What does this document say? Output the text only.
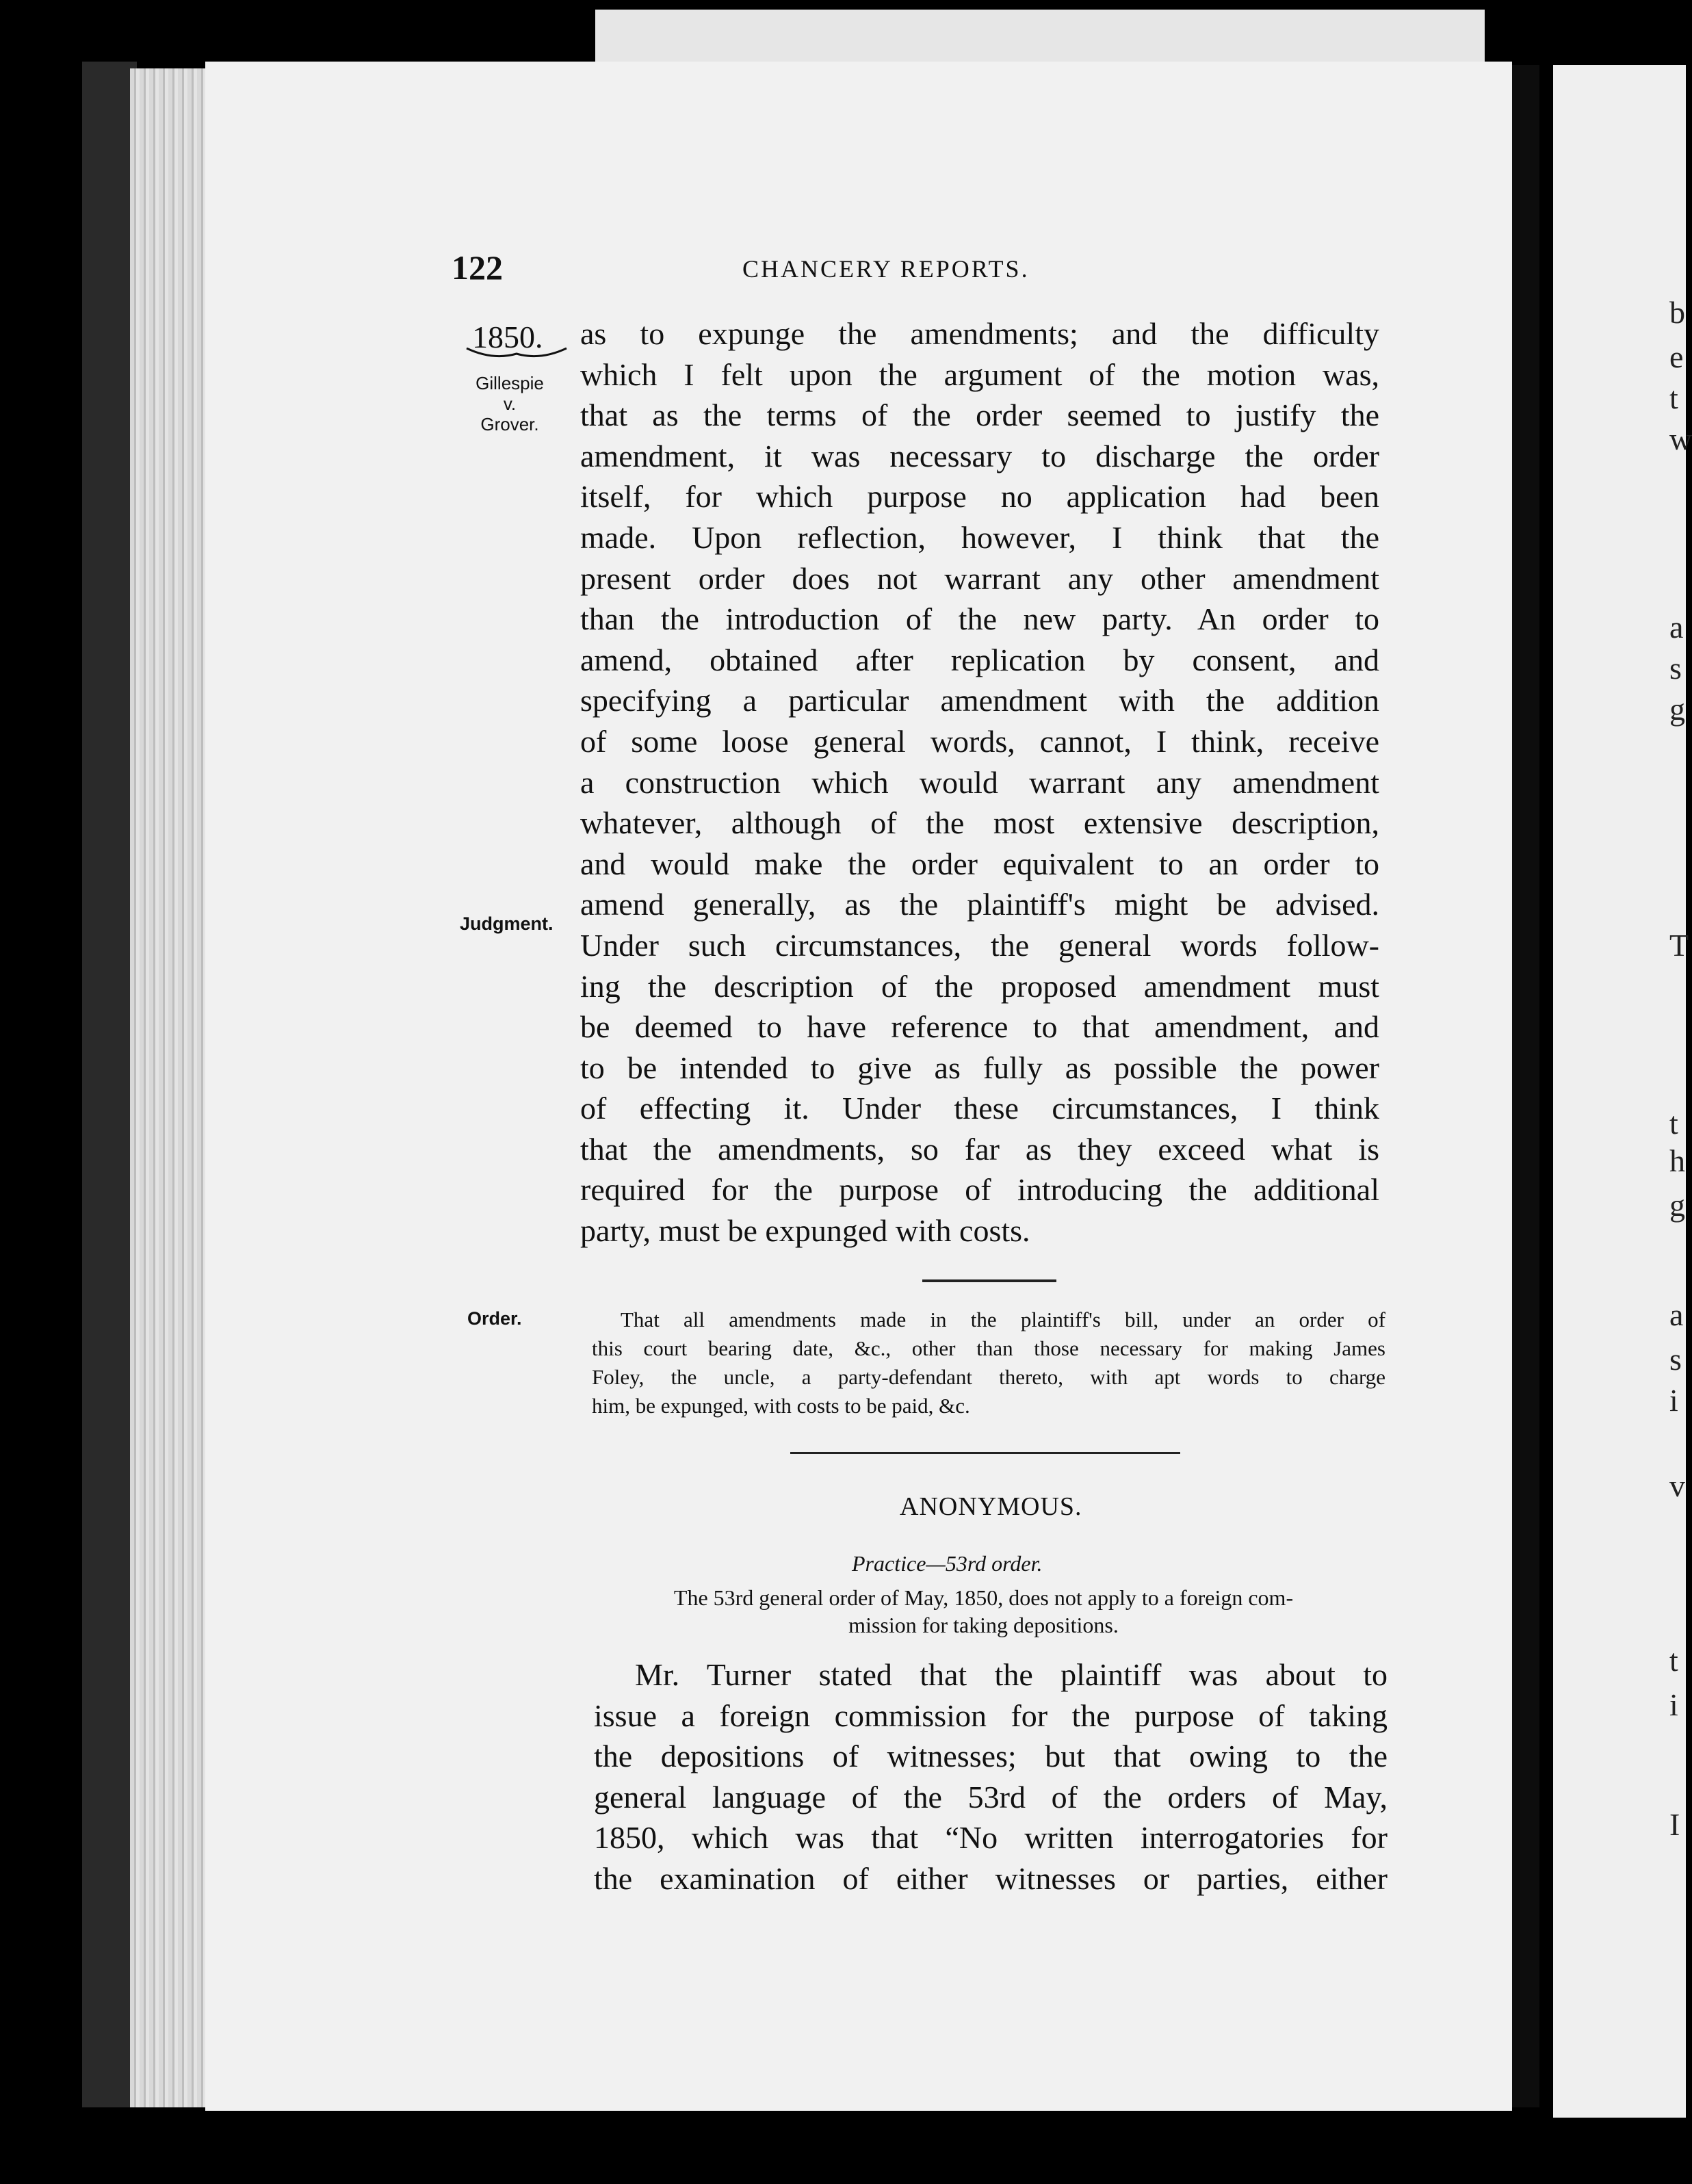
b
e
t
w
a
s
g
T
t
h
g
a
s
i
v
t
i
I
122	CHANCERY REPORTS.
1850.
Gillespie
v.
Grover.
Judgment.
Order.
as to expunge the amendments; and the difficulty
which I felt upon the argument of the motion was,
that as the terms of the order seemed to justify the
amendment, it was necessary to discharge the order
itself, for which purpose no application had been
made. Upon reflection, however, I think that the
present order does not warrant any other amendment
than the introduction of the new party. An order to
amend, obtained after replication by consent, and
specifying a particular amendment with the addition
of some loose general words, cannot, I think, receive
a construction which would warrant any amendment
whatever, although of the most extensive description,
and would make the order equivalent to an order to
amend generally, as the plaintiff's might be advised.
Under such circumstances, the general words follow-
ing the description of the proposed amendment must
be deemed to have reference to that amendment, and
to be intended to give as fully as possible the power
of effecting it. Under these circumstances, I think
that the amendments, so far as they exceed what is
required for the purpose of introducing the additional
party, must be expunged with costs.
That all amendments made in the plaintiff's bill, under an order of
this court bearing date, &c., other than those necessary for making James
Foley, the uncle, a party-defendant thereto, with apt words to charge
him, be expunged, with costs to be paid, &c.
ANONYMOUS.
Practice—53rd order.
The 53rd general order of May, 1850, does not apply to a foreign com-
mission for taking depositions.
Mr. Turner stated that the plaintiff was about to
issue a foreign commission for the purpose of taking
the depositions of witnesses; but that owing to the
general language of the 53rd of the orders of May,
1850, which was that “No written interrogatories for
the examination of either witnesses or parties, either
